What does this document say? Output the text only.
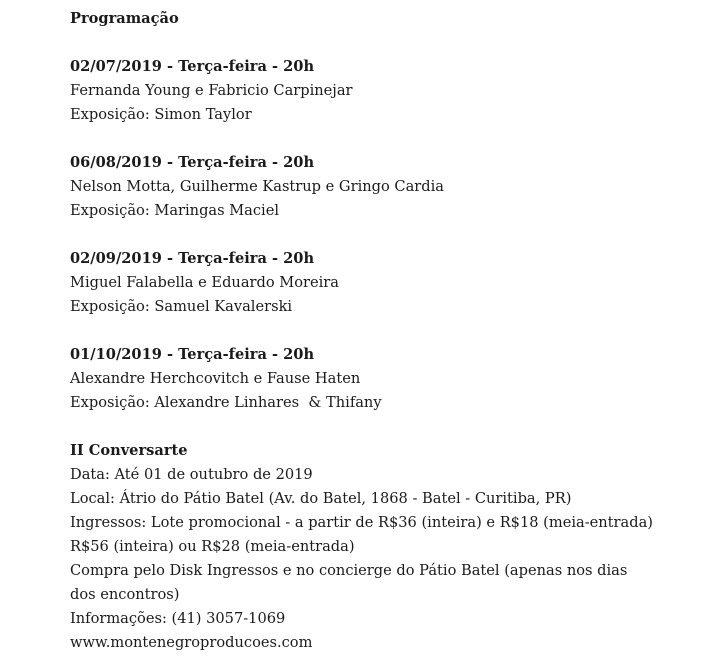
Programação
02/07/2019 - Terça-feira - 20h
Fernanda Young e Fabricio Carpinejar
Exposição: Simon Taylor
06/08/2019 - Terça-feira - 20h
Nelson Motta, Guilherme Kastrup e Gringo Cardia
Exposição: Maringas Maciel
02/09/2019 - Terça-feira - 20h
Miguel Falabella e Eduardo Moreira
Exposição: Samuel Kavalerski
01/10/2019 - Terça-feira - 20h
Alexandre Herchcovitch e Fause Haten
Exposição: Alexandre Linhares  & Thifany
II Conversarte
Data: Até 01 de outubro de 2019
Local: Átrio do Pátio Batel (Av. do Batel, 1868 - Batel - Curitiba, PR)
Ingressos: Lote promocional - a partir de R$36 (inteira) e R$18 (meia-entrada)
R$56 (inteira) ou R$28 (meia-entrada)
Compra pelo Disk Ingressos e no concierge do Pátio Batel (apenas nos dias dos encontros)
Informações: (41) 3057-1069
www.montenegroproducoes.com
